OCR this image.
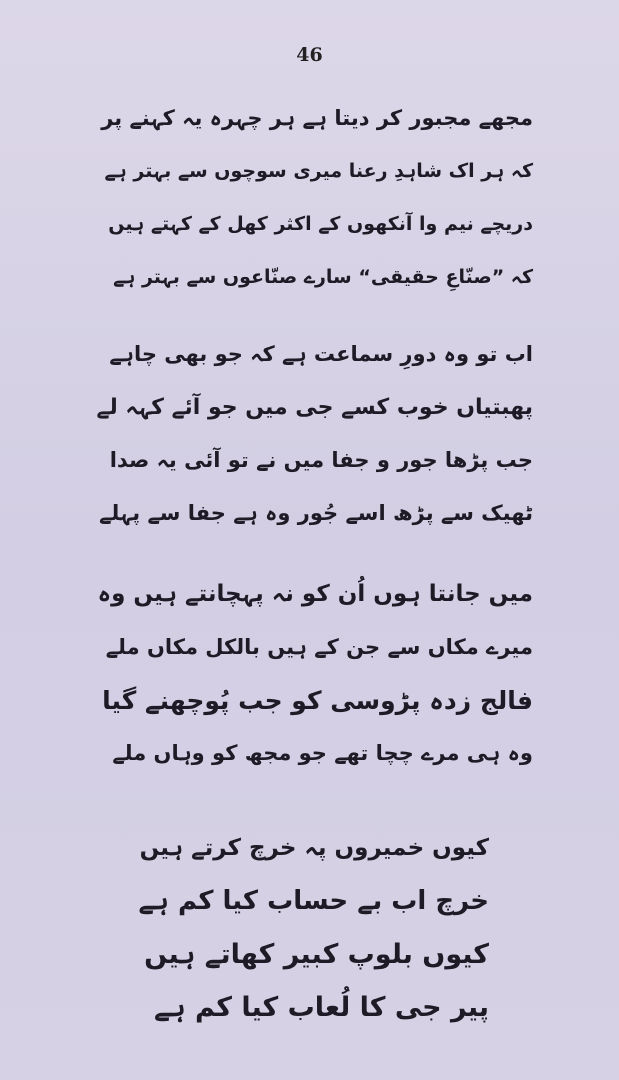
46
مجھے مجبور کر دیتا ہے ہر چہرہ یہ کہنے پر
کہ ہر اک شاہدِ رعنا میری سوچوں سے بہتر ہے
دریچے نیم وا آنکھوں کے اکثر کھل کے کہتے ہیں
کہ ”صنّاعِ حقیقی“ سارے صنّاعوں سے بہتر ہے
اب تو وہ دورِ سماعت ہے کہ جو بھی چاہے
پھبتیاں خوب کسے جی میں جو آئے کہہ لے
جب پڑھا جور و جفا میں نے تو آئی یہ صدا
ٹھیک سے پڑھ اسے جُور وہ ہے جفا سے پہلے
میں جانتا ہوں اُن کو نہ پہچانتے ہیں وہ
میرے مکاں سے جن کے ہیں بالکل مکاں ملے
فالج زدہ پڑوسی کو جب پُوچھنے گیا
وہ ہی مرے چچا تھے جو مجھ کو وہاں ملے
کیوں خمیروں پہ خرچ کرتے ہیں
خرچ اب بے حساب کیا کم ہے
کیوں بلوپ کبیر کھاتے ہیں
پیر جی کا لُعاب کیا کم ہے
